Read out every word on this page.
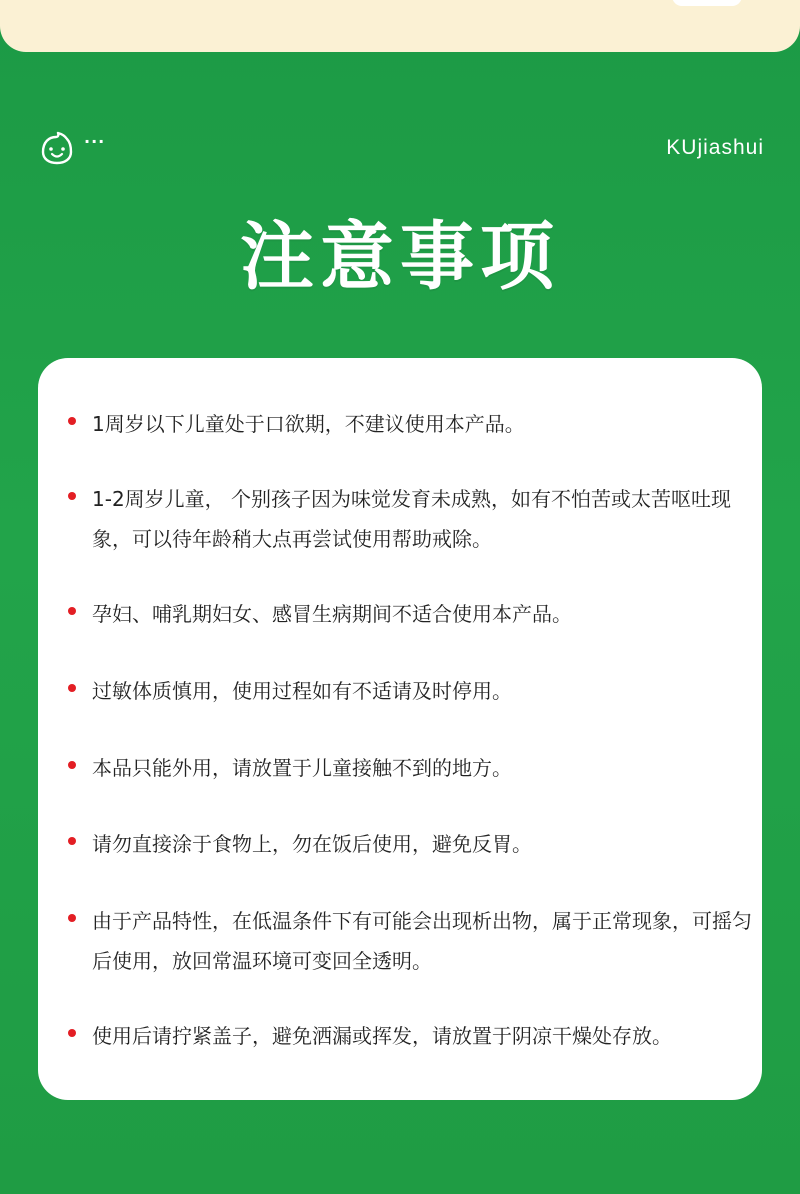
···	KUjiashui
注意事项
1周岁以下儿童处于口欲期，不建议使用本产品。
1-2周岁儿童， 个别孩子因为味觉发育未成熟，如有不怕苦或太苦呕吐现象，可以待年龄稍大点再尝试使用帮助戒除。
孕妇、哺乳期妇女、感冒生病期间不适合使用本产品。
过敏体质慎用，使用过程如有不适请及时停用。
本品只能外用，请放置于儿童接触不到的地方。
请勿直接涂于食物上，勿在饭后使用，避免反胃。
由于产品特性，在低温条件下有可能会出现析出物，属于正常现象，可摇匀后使用，放回常温环境可变回全透明。
使用后请拧紧盖子，避免洒漏或挥发，请放置于阴凉干燥处存放。
